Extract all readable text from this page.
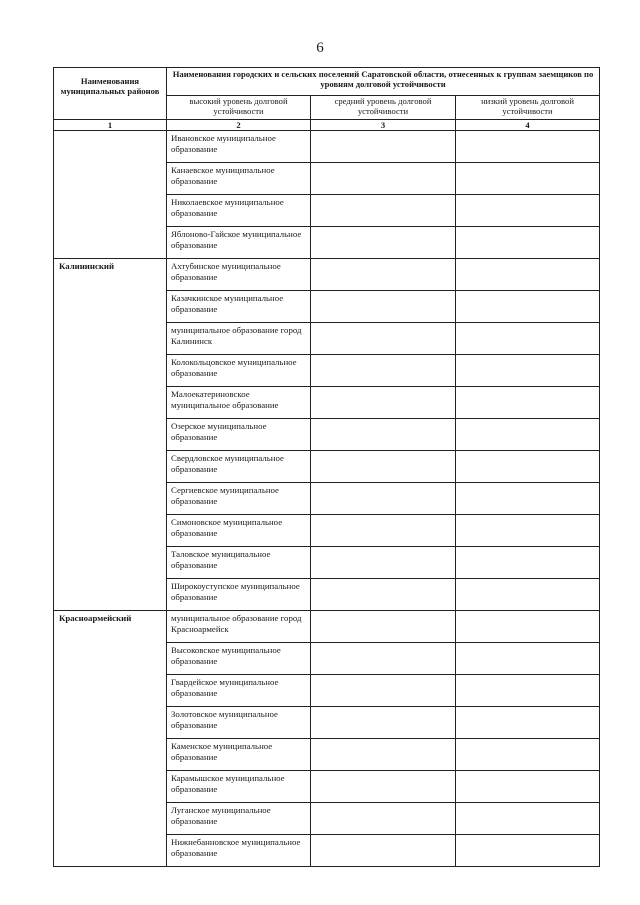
6
Наименования муниципальных районов	Наименования городских и сельских поселений Саратовской области, отнесенных к группам заемщиков по уровням долговой устойчивости		
	высокий уровень долговой устойчивости	средний уровень долговой устойчивости	низкий уровень долговой устойчивости
1	2	3	4
	Ивановское муниципальное образование		
	Канаевское муниципальное образование		
	Николаевское муниципальное образование		
	Яблоново-Гайское муниципальное образование		
Калининский	Ахтубинское муниципальное образование		
	Казачкинское муниципальное образование		
	муниципальное образование город Калининск		
	Колокольцовское муниципальное образование		
	Малоекатериновское муниципальное образование		
	Озерское муниципальное образование		
	Свердловское муниципальное образование		
	Сергиевское муниципальное образование		
	Симоновское муниципальное образование		
	Таловское муниципальное образование		
	Широкоуступское муниципальное образование		
Красноармейский	муниципальное образование город Красноармейск		
	Высоковское муниципальное образование		
	Гвардейское муниципальное образование		
	Золотовское муниципальное образование		
	Каменское муниципальное образование		
	Карамышское муниципальное образование		
	Луганское муниципальное образование		
	Нижнебанновское муниципальное образование		
